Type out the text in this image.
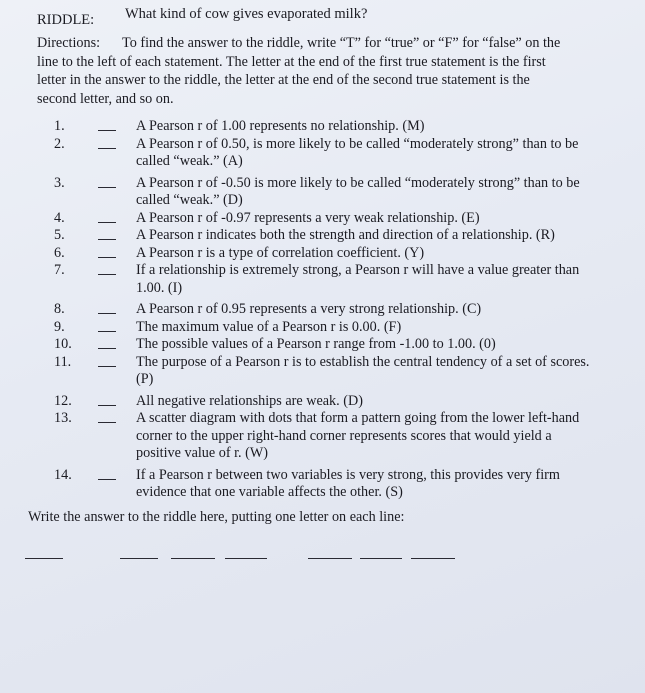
RIDDLE: What kind of cow gives evaporated milk?
Directions: To find the answer to the riddle, write “T” for “true” or “F” for “false” on the line to the left of each statement. The letter at the end of the first true statement is the first letter in the answer to the riddle, the letter at the end of the second true statement is the second letter, and so on.
1.	A Pearson r of 1.00 represents no relationship. (M)
2.	A Pearson r of 0.50, is more likely to be called “moderately strong” than to be called “weak.” (A)
3.	A Pearson r of -0.50 is more likely to be called “moderately strong” than to be called “weak.” (D)
4.	A Pearson r of -0.97 represents a very weak relationship. (E)
5.	A Pearson r indicates both the strength and direction of a relationship. (R)
6.	A Pearson r is a type of correlation coefficient. (Y)
7.	If a relationship is extremely strong, a Pearson r will have a value greater than 1.00. (I)
8.	A Pearson r of 0.95 represents a very strong relationship. (C)
9.	The maximum value of a Pearson r is 0.00. (F)
10.	The possible values of a Pearson r range from -1.00 to 1.00. (0)
11.	The purpose of a Pearson r is to establish the central tendency of a set of scores. (P)
12.	All negative relationships are weak. (D)
13.	A scatter diagram with dots that form a pattern going from the lower left-hand corner to the upper right-hand corner represents scores that would yield a positive value of r. (W)
14.	If a Pearson r between two variables is very strong, this provides very firm evidence that one variable affects the other. (S)
Write the answer to the riddle here, putting one letter on each line:
